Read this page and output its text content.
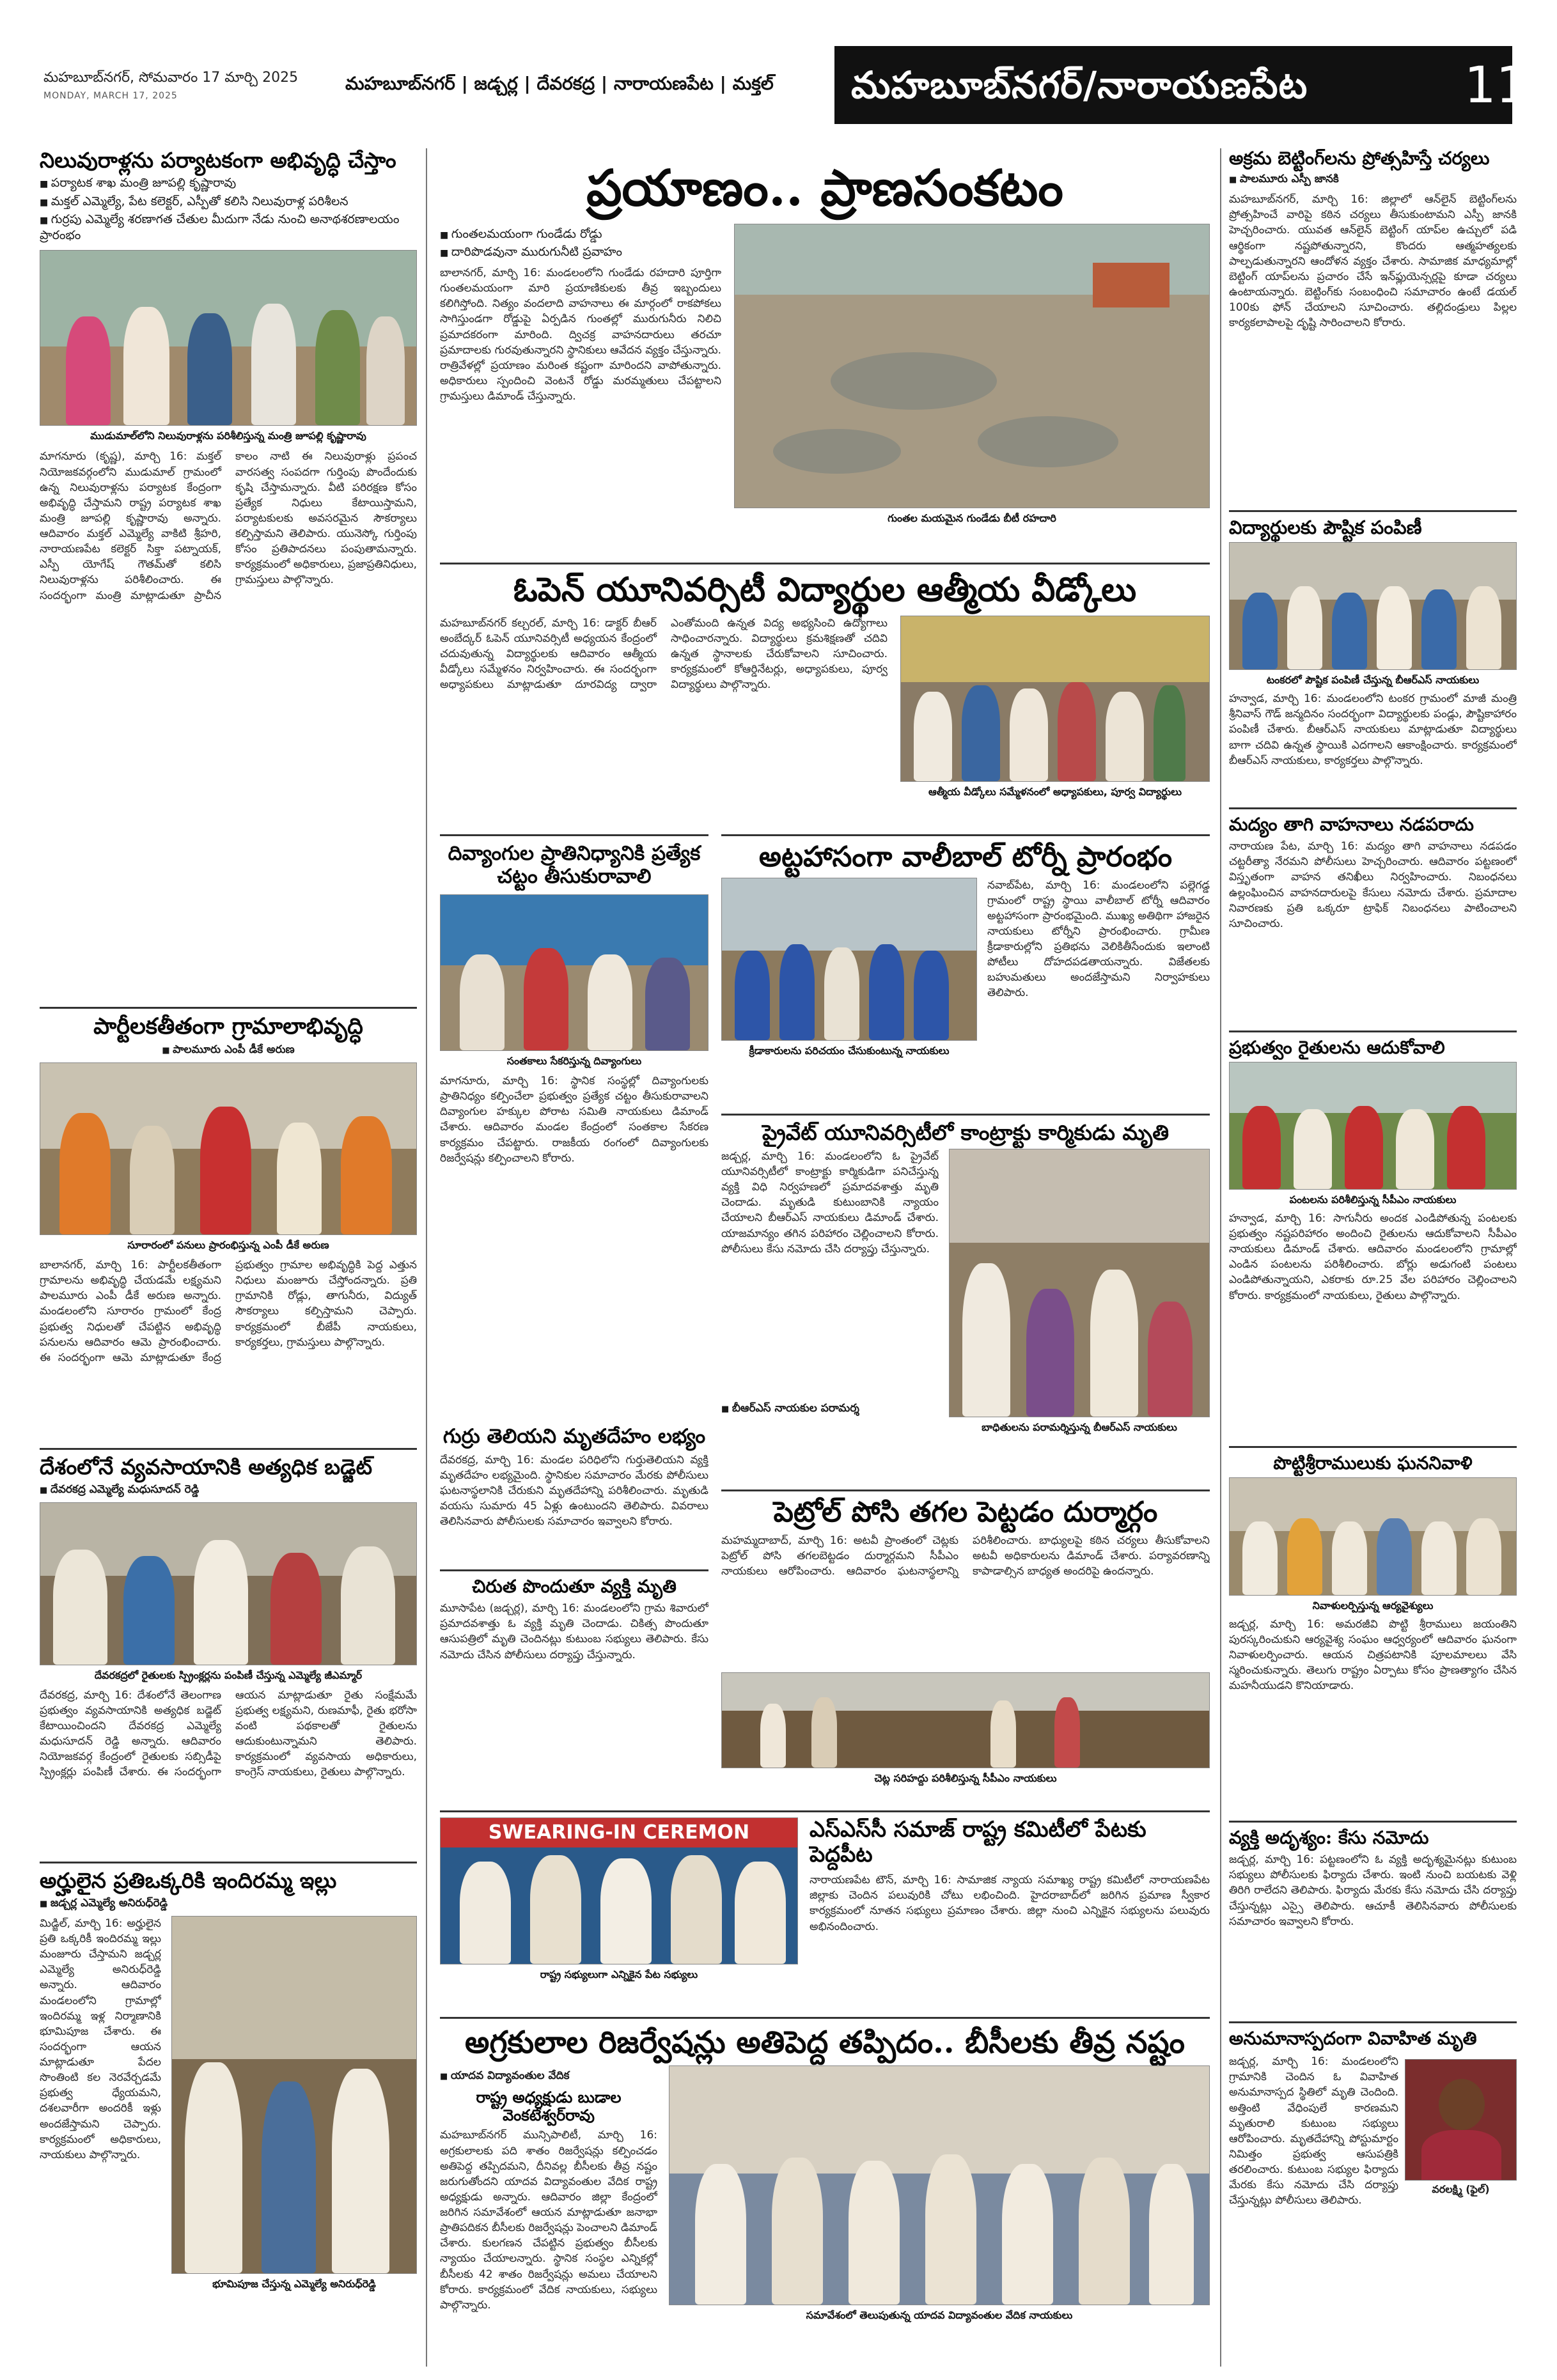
మహబూబ్‌నగర్, సోమవారం 17 మార్చి 2025
MONDAY, MARCH 17, 2025
మహబూబ్‌నగర్ | జడ్చర్ల | దేవరకద్ర | నారాయణపేట | మక్తల్	మహబూబ్‌నగర్/నారాయణపేట	11
నిలువురాళ్లను పర్యాటకంగా అభివృద్ధి చేస్తాం
■ పర్యాటక శాఖ మంత్రి జూపల్లి కృష్ణారావు
■ మక్తల్ ఎమ్మెల్యే, పేట కలెక్టర్, ఎస్పీతో కలిసి నిలువురాళ్ల పరిశీలన
■ గుర్రపు ఎమ్మెల్యే శరణాగత చేతుల మీదుగా నేడు నుంచి అనాథశరణాలయం ప్రారంభం
ముడుమాల్‌లోని నిలువురాళ్లను పరిశీలిస్తున్న మంత్రి జూపల్లి కృష్ణారావు
మాగనూరు (కృష్ణ), మార్చి 16: మక్తల్ నియోజకవర్గంలోని ముడుమాల్ గ్రామంలో ఉన్న నిలువురాళ్లను పర్యాటక కేంద్రంగా అభివృద్ధి చేస్తామని రాష్ట్ర పర్యాటక శాఖ మంత్రి జూపల్లి కృష్ణారావు అన్నారు. ఆదివారం మక్తల్ ఎమ్మెల్యే వాకిటి శ్రీహరి, నారాయణపేట కలెక్టర్ సిక్తా పట్నాయక్, ఎస్పీ యోగేష్ గౌతమ్‌తో కలిసి నిలువురాళ్లను పరిశీలించారు. ఈ సందర్భంగా మంత్రి మాట్లాడుతూ ప్రాచీన కాలం నాటి ఈ నిలువురాళ్లు ప్రపంచ వారసత్వ సంపదగా గుర్తింపు పొందేందుకు కృషి చేస్తామన్నారు. వీటి పరిరక్షణ కోసం ప్రత్యేక నిధులు కేటాయిస్తామని, పర్యాటకులకు అవసరమైన సౌకర్యాలు కల్పిస్తామని తెలిపారు. యునెస్కో గుర్తింపు కోసం ప్రతిపాదనలు పంపుతామన్నారు. కార్యక్రమంలో అధికారులు, ప్రజాప్రతినిధులు, గ్రామస్తులు పాల్గొన్నారు.
పార్టీలకతీతంగా గ్రామాలాభివృద్ధి
■ పాలమూరు ఎంపీ డీకే అరుణ
సూరారంలో పనులు ప్రారంభిస్తున్న ఎంపీ డీకే అరుణ
బాలానగర్, మార్చి 16: పార్టీలకతీతంగా గ్రామాలను అభివృద్ధి చేయడమే లక్ష్యమని పాలమూరు ఎంపీ డీకే అరుణ అన్నారు. మండలంలోని సూరారం గ్రామంలో కేంద్ర ప్రభుత్వ నిధులతో చేపట్టిన అభివృద్ధి పనులను ఆదివారం ఆమె ప్రారంభించారు. ఈ సందర్భంగా ఆమె మాట్లాడుతూ కేంద్ర ప్రభుత్వం గ్రామాల అభివృద్ధికి పెద్ద ఎత్తున నిధులు మంజూరు చేస్తోందన్నారు. ప్రతి గ్రామానికి రోడ్లు, తాగునీరు, విద్యుత్ సౌకర్యాలు కల్పిస్తామని చెప్పారు. కార్యక్రమంలో బీజేపీ నాయకులు, కార్యకర్తలు, గ్రామస్తులు పాల్గొన్నారు.
దేశంలోనే వ్యవసాయానికి అత్యధిక బడ్జెట్
■ దేవరకద్ర ఎమ్మెల్యే మధుసూదన్ రెడ్డి
దేవరకద్రలో రైతులకు స్ప్రింక్లర్లను పంపిణీ చేస్తున్న ఎమ్మెల్యే జీఎమ్మార్
దేవరకద్ర, మార్చి 16: దేశంలోనే తెలంగాణ ప్రభుత్వం వ్యవసాయానికి అత్యధిక బడ్జెట్ కేటాయించిందని దేవరకద్ర ఎమ్మెల్యే మధుసూదన్ రెడ్డి అన్నారు. ఆదివారం నియోజకవర్గ కేంద్రంలో రైతులకు సబ్సిడీపై స్ప్రింక్లర్లు పంపిణీ చేశారు. ఈ సందర్భంగా ఆయన మాట్లాడుతూ రైతు సంక్షేమమే ప్రభుత్వ లక్ష్యమని, రుణమాఫీ, రైతు భరోసా వంటి పథకాలతో రైతులను ఆదుకుంటున్నామని తెలిపారు. కార్యక్రమంలో వ్యవసాయ అధికారులు, కాంగ్రెస్ నాయకులు, రైతులు పాల్గొన్నారు.
అర్హులైన ప్రతిఒక్కరికి ఇందిరమ్మ ఇల్లు
■ జడ్చర్ల ఎమ్మెల్యే అనిరుధ్‌రెడ్డి
మిడ్జిల్, మార్చి 16: అర్హులైన ప్రతి ఒక్కరికీ ఇందిరమ్మ ఇల్లు మంజూరు చేస్తామని జడ్చర్ల ఎమ్మెల్యే అనిరుధ్‌రెడ్డి అన్నారు. ఆదివారం మండలంలోని గ్రామాల్లో ఇందిరమ్మ ఇళ్ల నిర్మాణానికి భూమిపూజ చేశారు. ఈ సందర్భంగా ఆయన మాట్లాడుతూ పేదల సొంతింటి కల నెరవేర్చడమే ప్రభుత్వ ధ్యేయమని, దశలవారీగా అందరికీ ఇళ్లు అందజేస్తామని చెప్పారు. కార్యక్రమంలో అధికారులు, నాయకులు పాల్గొన్నారు.
భూమిపూజ చేస్తున్న ఎమ్మెల్యే అనిరుధ్‌రెడ్డి
ప్రయాణం.. ప్రాణసంకటం
■ గుంతలమయంగా గుండేడు రోడ్డు
■ దారిపొడవునా మురుగునీటి ప్రవాహం
బాలానగర్, మార్చి 16: మండలంలోని గుండేడు రహదారి పూర్తిగా గుంతలమయంగా మారి ప్రయాణికులకు తీవ్ర ఇబ్బందులు కలిగిస్తోంది. నిత్యం వందలాది వాహనాలు ఈ మార్గంలో రాకపోకలు సాగిస్తుండగా రోడ్డుపై ఏర్పడిన గుంతల్లో మురుగునీరు నిలిచి ప్రమాదకరంగా మారింది. ద్విచక్ర వాహనదారులు తరచూ ప్రమాదాలకు గురవుతున్నారని స్థానికులు ఆవేదన వ్యక్తం చేస్తున్నారు. రాత్రివేళల్లో ప్రయాణం మరింత కష్టంగా మారిందని వాపోతున్నారు. అధికారులు స్పందించి వెంటనే రోడ్డు మరమ్మతులు చేపట్టాలని గ్రామస్తులు డిమాండ్ చేస్తున్నారు.
గుంతల మయమైన గుండేడు బీటీ రహదారి
ఓపెన్ యూనివర్సిటీ విద్యార్థుల ఆత్మీయ వీడ్కోలు
మహబూబ్‌నగర్ కల్చరల్, మార్చి 16: డాక్టర్ బీఆర్ అంబేద్కర్ ఓపెన్ యూనివర్సిటీ అధ్యయన కేంద్రంలో చదువుతున్న విద్యార్థులకు ఆదివారం ఆత్మీయ వీడ్కోలు సమ్మేళనం నిర్వహించారు. ఈ సందర్భంగా అధ్యాపకులు మాట్లాడుతూ దూరవిద్య ద్వారా ఎంతోమంది ఉన్నత విద్య అభ్యసించి ఉద్యోగాలు సాధించారన్నారు. విద్యార్థులు క్రమశిక్షణతో చదివి ఉన్నత స్థానాలకు చేరుకోవాలని సూచించారు. కార్యక్రమంలో కోఆర్డినేటర్లు, అధ్యాపకులు, పూర్వ విద్యార్థులు పాల్గొన్నారు.
ఆత్మీయ వీడ్కోలు సమ్మేళనంలో అధ్యాపకులు, పూర్వ విద్యార్థులు
దివ్యాంగుల ప్రాతినిధ్యానికి ప్రత్యేక చట్టం తీసుకురావాలి
సంతకాలు సేకరిస్తున్న దివ్యాంగులు
మాగనూరు, మార్చి 16: స్థానిక సంస్థల్లో దివ్యాంగులకు ప్రాతినిధ్యం కల్పించేలా ప్రభుత్వం ప్రత్యేక చట్టం తీసుకురావాలని దివ్యాంగుల హక్కుల పోరాట సమితి నాయకులు డిమాండ్ చేశారు. ఆదివారం మండల కేంద్రంలో సంతకాల సేకరణ కార్యక్రమం చేపట్టారు. రాజకీయ రంగంలో దివ్యాంగులకు రిజర్వేషన్లు కల్పించాలని కోరారు.
గుర్రు తెలియని మృతదేహం లభ్యం
దేవరకద్ర, మార్చి 16: మండల పరిధిలోని గుర్తుతెలియని వ్యక్తి మృతదేహం లభ్యమైంది. స్థానికుల సమాచారం మేరకు పోలీసులు ఘటనాస్థలానికి చేరుకుని మృతదేహాన్ని పరిశీలించారు. మృతుడి వయసు సుమారు 45 ఏళ్లు ఉంటుందని తెలిపారు. వివరాలు తెలిసినవారు పోలీసులకు సమాచారం ఇవ్వాలని కోరారు.
చిరుత పొందుతూ వ్యక్తి మృతి
మూసాపేట (జడ్చర్ల), మార్చి 16: మండలంలోని గ్రామ శివారులో ప్రమాదవశాత్తు ఓ వ్యక్తి మృతి చెందాడు. చికిత్స పొందుతూ ఆసుపత్రిలో మృతి చెందినట్లు కుటుంబ సభ్యులు తెలిపారు. కేసు నమోదు చేసిన పోలీసులు దర్యాప్తు చేస్తున్నారు.
అట్టహాసంగా వాలీబాల్ టోర్నీ ప్రారంభం
క్రీడాకారులను పరిచయం చేసుకుంటున్న నాయకులు
నవాబ్‌పేట, మార్చి 16: మండలంలోని పల్లెగడ్డ గ్రామంలో రాష్ట్ర స్థాయి వాలీబాల్ టోర్నీ ఆదివారం అట్టహాసంగా ప్రారంభమైంది. ముఖ్య అతిథిగా హాజరైన నాయకులు టోర్నీని ప్రారంభించారు. గ్రామీణ క్రీడాకారుల్లోని ప్రతిభను వెలికితీసేందుకు ఇలాంటి పోటీలు దోహదపడతాయన్నారు. విజేతలకు బహుమతులు అందజేస్తామని నిర్వాహకులు తెలిపారు.
ప్రైవేట్ యూనివర్సిటీలో కాంట్రాక్టు కార్మికుడు మృతి
జడ్చర్ల, మార్చి 16: మండలంలోని ఓ ప్రైవేట్ యూనివర్సిటీలో కాంట్రాక్టు కార్మికుడిగా పనిచేస్తున్న వ్యక్తి విధి నిర్వహణలో ప్రమాదవశాత్తు మృతి చెందాడు. మృతుడి కుటుంబానికి న్యాయం చేయాలని బీఆర్ఎస్ నాయకులు డిమాండ్ చేశారు. యాజమాన్యం తగిన పరిహారం చెల్లించాలని కోరారు. పోలీసులు కేసు నమోదు చేసి దర్యాప్తు చేస్తున్నారు.
■ బీఆర్ఎస్ నాయకుల పరామర్శ
బాధితులను పరామర్శిస్తున్న బీఆర్ఎస్ నాయకులు
పెట్రోల్ పోసి తగల పెట్టడం దుర్మార్గం
మహమ్మదాబాద్, మార్చి 16: అటవీ ప్రాంతంలో చెట్లకు పెట్రోల్ పోసి తగలబెట్టడం దుర్మార్గమని సీపీఎం నాయకులు ఆరోపించారు. ఆదివారం ఘటనాస్థలాన్ని పరిశీలించారు. బాధ్యులపై కఠిన చర్యలు తీసుకోవాలని అటవీ అధికారులను డిమాండ్ చేశారు. పర్యావరణాన్ని కాపాడాల్సిన బాధ్యత అందరిపై ఉందన్నారు.
చెట్ల సరిహద్దు పరిశీలిస్తున్న సీపీఎం నాయకులు
SWEARING-IN CEREMON
రాష్ట్ర సభ్యులుగా ఎన్నికైన పేట సభ్యులు
ఎస్ఎస్‌సీ సమాజ్ రాష్ట్ర కమిటీలో పేటకు పెద్దపీట
నారాయణపేట టౌన్, మార్చి 16: సామాజిక న్యాయ సమాఖ్య రాష్ట్ర కమిటీలో నారాయణపేట జిల్లాకు చెందిన పలువురికి చోటు లభించింది. హైదరాబాద్‌లో జరిగిన ప్రమాణ స్వీకార కార్యక్రమంలో నూతన సభ్యులు ప్రమాణం చేశారు. జిల్లా నుంచి ఎన్నికైన సభ్యులను పలువురు అభినందించారు.
అగ్రకులాల రిజర్వేషన్లు అతిపెద్ద తప్పిదం.. బీసీలకు తీవ్ర నష్టం
■ యాదవ విద్యావంతుల వేదిక
రాష్ట్ర అధ్యక్షుడు బుడాల వెంకటేశ్వర్‌రావు
మహబూబ్‌నగర్ మున్సిపాలిటీ, మార్చి 16: అగ్రకులాలకు పది శాతం రిజర్వేషన్లు కల్పించడం అతిపెద్ద తప్పిదమని, దీనివల్ల బీసీలకు తీవ్ర నష్టం జరుగుతోందని యాదవ విద్యావంతుల వేదిక రాష్ట్ర అధ్యక్షుడు అన్నారు. ఆదివారం జిల్లా కేంద్రంలో జరిగిన సమావేశంలో ఆయన మాట్లాడుతూ జనాభా ప్రాతిపదికన బీసీలకు రిజర్వేషన్లు పెంచాలని డిమాండ్ చేశారు. కులగణన చేపట్టిన ప్రభుత్వం బీసీలకు న్యాయం చేయాలన్నారు. స్థానిక సంస్థల ఎన్నికల్లో బీసీలకు 42 శాతం రిజర్వేషన్లు అమలు చేయాలని కోరారు. కార్యక్రమంలో వేదిక నాయకులు, సభ్యులు పాల్గొన్నారు.
సమావేశంలో తెలుపుతున్న యాదవ విద్యావంతుల వేదిక నాయకులు
అక్రమ బెట్టింగ్‌లను ప్రోత్సహిస్తే చర్యలు
■ పాలమూరు ఎస్పీ జానకి
మహబూబ్‌నగర్, మార్చి 16: జిల్లాలో ఆన్‌లైన్ బెట్టింగ్‌లను ప్రోత్సహించే వారిపై కఠిన చర్యలు తీసుకుంటామని ఎస్పీ జానకి హెచ్చరించారు. యువత ఆన్‌లైన్ బెట్టింగ్ యాప్‌ల ఉచ్చులో పడి ఆర్థికంగా నష్టపోతున్నారని, కొందరు ఆత్మహత్యలకు పాల్పడుతున్నారని ఆందోళన వ్యక్తం చేశారు. సామాజిక మాధ్యమాల్లో బెట్టింగ్ యాప్‌లను ప్రచారం చేసే ఇన్‌ఫ్లుయెన్సర్లపై కూడా చర్యలు ఉంటాయన్నారు. బెట్టింగ్‌కు సంబంధించి సమాచారం ఉంటే డయల్ 100కు ఫోన్ చేయాలని సూచించారు. తల్లిదండ్రులు పిల్లల కార్యకలాపాలపై దృష్టి సారించాలని కోరారు.
విద్యార్థులకు పౌష్టిక పంపిణీ
టంకరలో పౌష్టిక పంపిణీ చేస్తున్న బీఆర్ఎస్ నాయకులు
హన్వాడ, మార్చి 16: మండలంలోని టంకర గ్రామంలో మాజీ మంత్రి శ్రీనివాస్ గౌడ్ జన్మదినం సందర్భంగా విద్యార్థులకు పండ్లు, పౌష్టికాహారం పంపిణీ చేశారు. బీఆర్ఎస్ నాయకులు మాట్లాడుతూ విద్యార్థులు బాగా చదివి ఉన్నత స్థాయికి ఎదగాలని ఆకాంక్షించారు. కార్యక్రమంలో బీఆర్ఎస్ నాయకులు, కార్యకర్తలు పాల్గొన్నారు.
మద్యం తాగి వాహనాలు నడపరాదు
నారాయణ పేట, మార్చి 16: మద్యం తాగి వాహనాలు నడపడం చట్టరీత్యా నేరమని పోలీసులు హెచ్చరించారు. ఆదివారం పట్టణంలో విస్తృతంగా వాహన తనిఖీలు నిర్వహించారు. నిబంధనలు ఉల్లంఘించిన వాహనదారులపై కేసులు నమోదు చేశారు. ప్రమాదాల నివారణకు ప్రతి ఒక్కరూ ట్రాఫిక్ నిబంధనలు పాటించాలని సూచించారు.
ప్రభుత్వం రైతులను ఆదుకోవాలి
పంటలను పరిశీలిస్తున్న సీపీఎం నాయకులు
హన్వాడ, మార్చి 16: సాగునీరు అందక ఎండిపోతున్న పంటలకు ప్రభుత్వం నష్టపరిహారం అందించి రైతులను ఆదుకోవాలని సీపీఎం నాయకులు డిమాండ్ చేశారు. ఆదివారం మండలంలోని గ్రామాల్లో ఎండిన పంటలను పరిశీలించారు. బోర్లు అడుగంటి పంటలు ఎండిపోతున్నాయని, ఎకరాకు రూ.25 వేల పరిహారం చెల్లించాలని కోరారు. కార్యక్రమంలో నాయకులు, రైతులు పాల్గొన్నారు.
పొట్టిశ్రీరాములుకు ఘననివాళి
నివాళులర్పిస్తున్న ఆర్యవైశ్యులు
జడ్చర్ల, మార్చి 16: అమరజీవి పొట్టి శ్రీరాములు జయంతిని పురస్కరించుకుని ఆర్యవైశ్య సంఘం ఆధ్వర్యంలో ఆదివారం ఘనంగా నివాళులర్పించారు. ఆయన చిత్రపటానికి పూలమాలలు వేసి స్మరించుకున్నారు. తెలుగు రాష్ట్రం ఏర్పాటు కోసం ప్రాణత్యాగం చేసిన మహనీయుడని కొనియాడారు.
వ్యక్తి అదృశ్యం: కేసు నమోదు
జడ్చర్ల, మార్చి 16: పట్టణంలోని ఓ వ్యక్తి అదృశ్యమైనట్లు కుటుంబ సభ్యులు పోలీసులకు ఫిర్యాదు చేశారు. ఇంటి నుంచి బయటకు వెళ్లి తిరిగి రాలేదని తెలిపారు. ఫిర్యాదు మేరకు కేసు నమోదు చేసి దర్యాప్తు చేస్తున్నట్లు ఎస్సై తెలిపారు. ఆచూకీ తెలిసినవారు పోలీసులకు సమాచారం ఇవ్వాలని కోరారు.
అనుమానాస్పదంగా వివాహిత మృతి
వరలక్ష్మి (ఫైల్)
జడ్చర్ల, మార్చి 16: మండలంలోని గ్రామానికి చెందిన ఓ వివాహిత అనుమానాస్పద స్థితిలో మృతి చెందింది. అత్తింటి వేధింపులే కారణమని మృతురాలి కుటుంబ సభ్యులు ఆరోపించారు. మృతదేహాన్ని పోస్టుమార్టం నిమిత్తం ప్రభుత్వ ఆసుపత్రికి తరలించారు. కుటుంబ సభ్యుల ఫిర్యాదు మేరకు కేసు నమోదు చేసి దర్యాప్తు చేస్తున్నట్లు పోలీసులు తెలిపారు.
